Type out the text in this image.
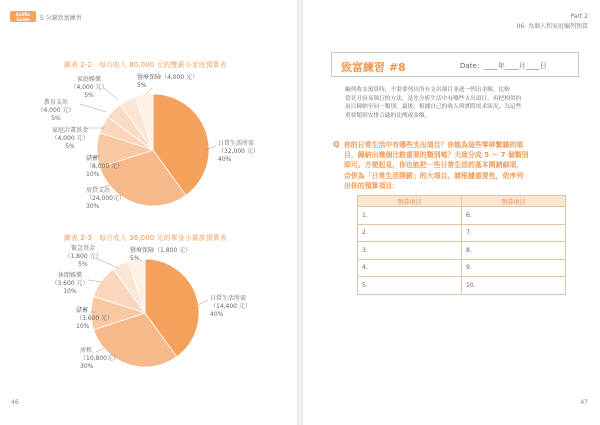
Sniffle Guide	5 分鐘致富練習
圖表 2-2　每月收入 80,000 元的雙薪小家庭預算表
圖表 2-3　每月收入 36,000 元的單身小資族預算表
日常生活所需（32,000 元） 40%
房貸支出（24,000元） 30%
儲蓄（8,000 元） 10%
家庭計畫基金（4,000 元） 5%
教育支出（4,000 元） 5%
家庭娛樂（4,000 元） 5%
醫療保險（4,000 元） 5%
日常生活所需（14,400 元） 40%
房租（10,800元） 30%
儲蓄（3,600 元） 10%
休閒娛樂（3,600 元） 10%
緊急基金（1,800 元） 5%
醫療保險（1,800 元） 5%
46
Part 2
06. 為個人和家庭編列預算
致富練習 #8	Date：____年____月____日
編列收支預算時，不需要列出所有支出細目並逐一列出金額。比較
常見且容易執行的方法，是先分析生活中有哪些支出項目，再把相似的
項目歸納至同一類別。最後，根據自己的收入與實際需求狀況，為這些
重要類別安排合適的比例或金額。
Q 你的日常生活中有哪些支出項目？你能為這些零碎繁雜的項
目，歸納出幾個比較重要的類別嗎？大致分成 5 ～ 7 個類別
即可。方便起見，你也能把一些日常生活的基本開銷細項，
合併為「日常生活開銷」的大項目。請根據重要性，依序列
出你的預算項目：
預算項目	預算項目
1.	6.
2.	7.
3.	8.
4.	9.
5.	10.
47
